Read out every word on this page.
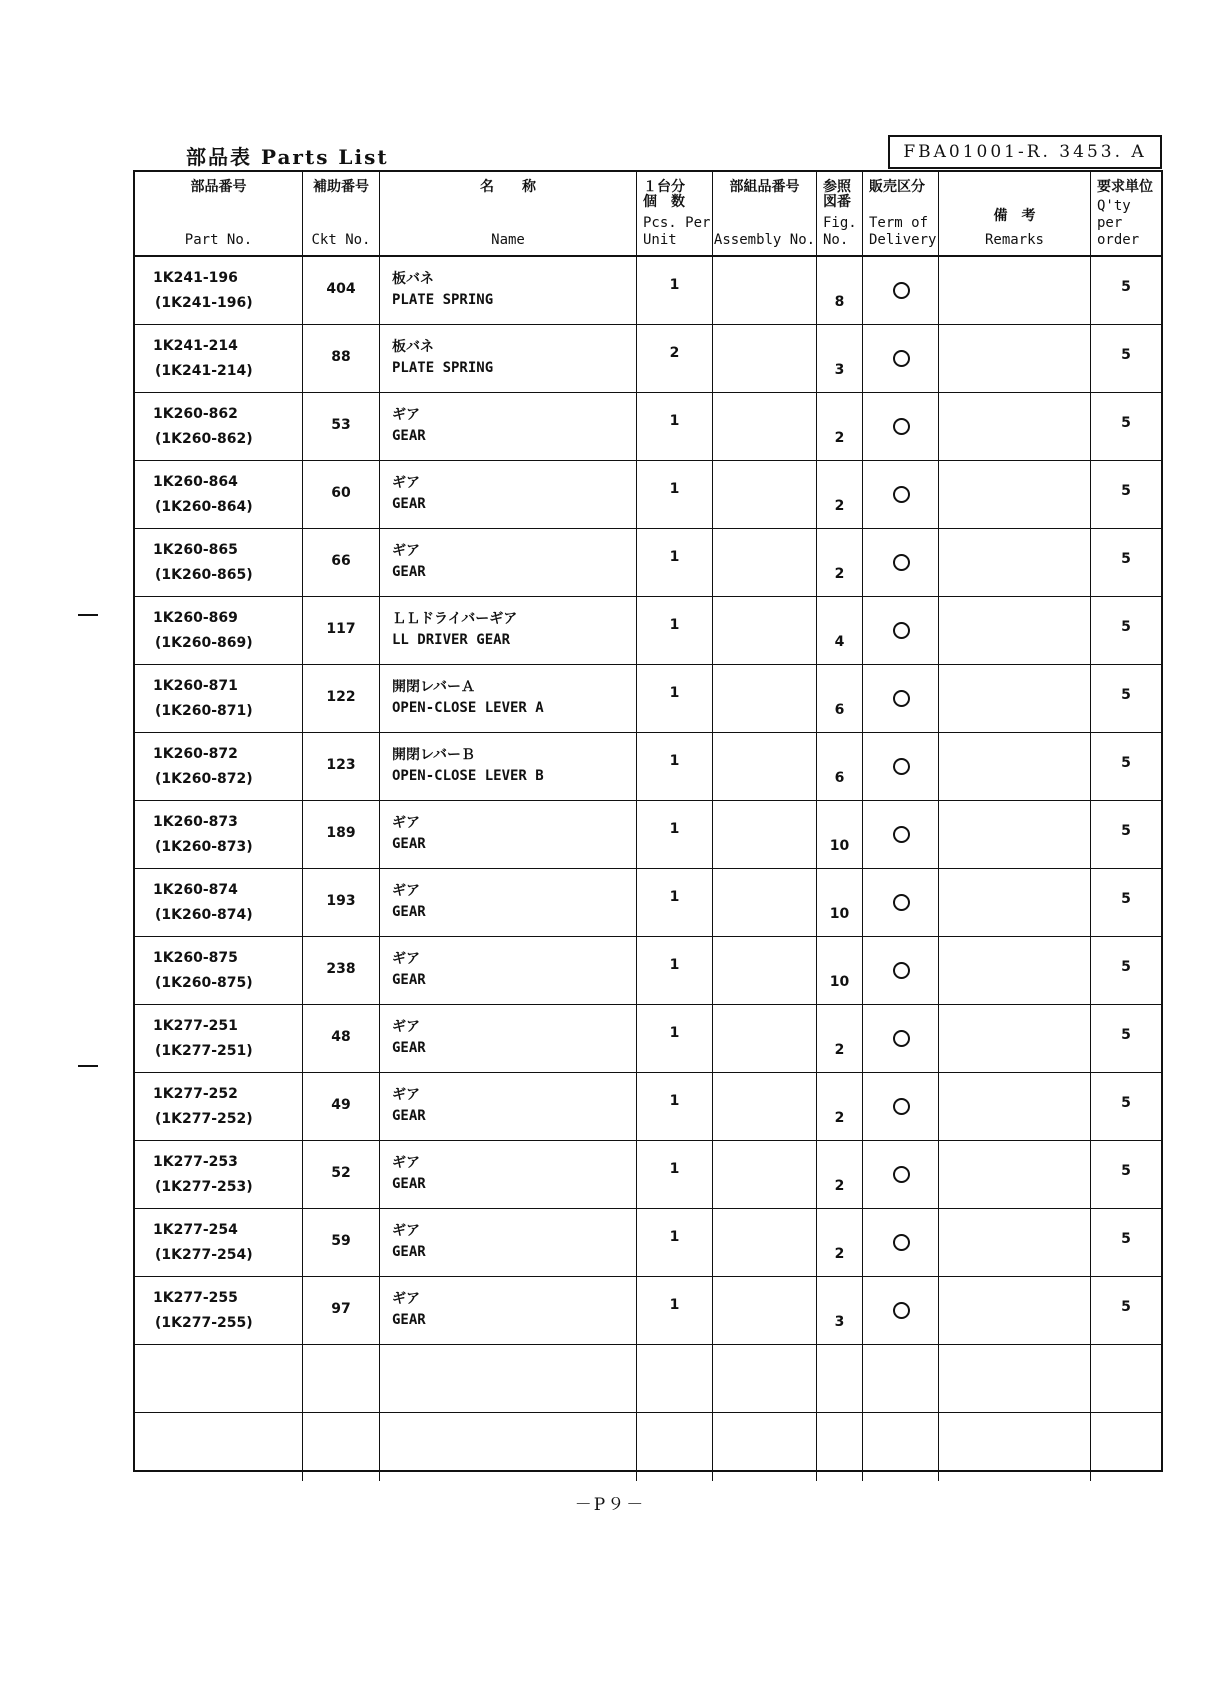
部品表 Parts List	FBA01001-R. 3453. A
部品番号
Part No.
補助番号
Ckt No.
名　　称
Name
１台分
個　数
Pcs. Per
Unit
部組品番号
Assembly No.
参照
図番
Fig.
No.
販売区分
Term of
Delivery
備　考
Remarks
要求単位
Q'ty per
order
1K241-196
(1K241-196)
404
板バネ
PLATE SPRING
1
8
5
1K241-214
(1K241-214)
88
板バネ
PLATE SPRING
2
3
5
1K260-862
(1K260-862)
53
ギア
GEAR
1
2
5
1K260-864
(1K260-864)
60
ギア
GEAR
1
2
5
1K260-865
(1K260-865)
66
ギア
GEAR
1
2
5
1K260-869
(1K260-869)
117
ＬＬドライバーギア
LL DRIVER GEAR
1
4
5
1K260-871
(1K260-871)
122
開閉レバーＡ
OPEN-CLOSE LEVER A
1
6
5
1K260-872
(1K260-872)
123
開閉レバーＢ
OPEN-CLOSE LEVER B
1
6
5
1K260-873
(1K260-873)
189
ギア
GEAR
1
10
5
1K260-874
(1K260-874)
193
ギア
GEAR
1
10
5
1K260-875
(1K260-875)
238
ギア
GEAR
1
10
5
1K277-251
(1K277-251)
48
ギア
GEAR
1
2
5
1K277-252
(1K277-252)
49
ギア
GEAR
1
2
5
1K277-253
(1K277-253)
52
ギア
GEAR
1
2
5
1K277-254
(1K277-254)
59
ギア
GEAR
1
2
5
1K277-255
(1K277-255)
97
ギア
GEAR
1
3
5
－P９－
